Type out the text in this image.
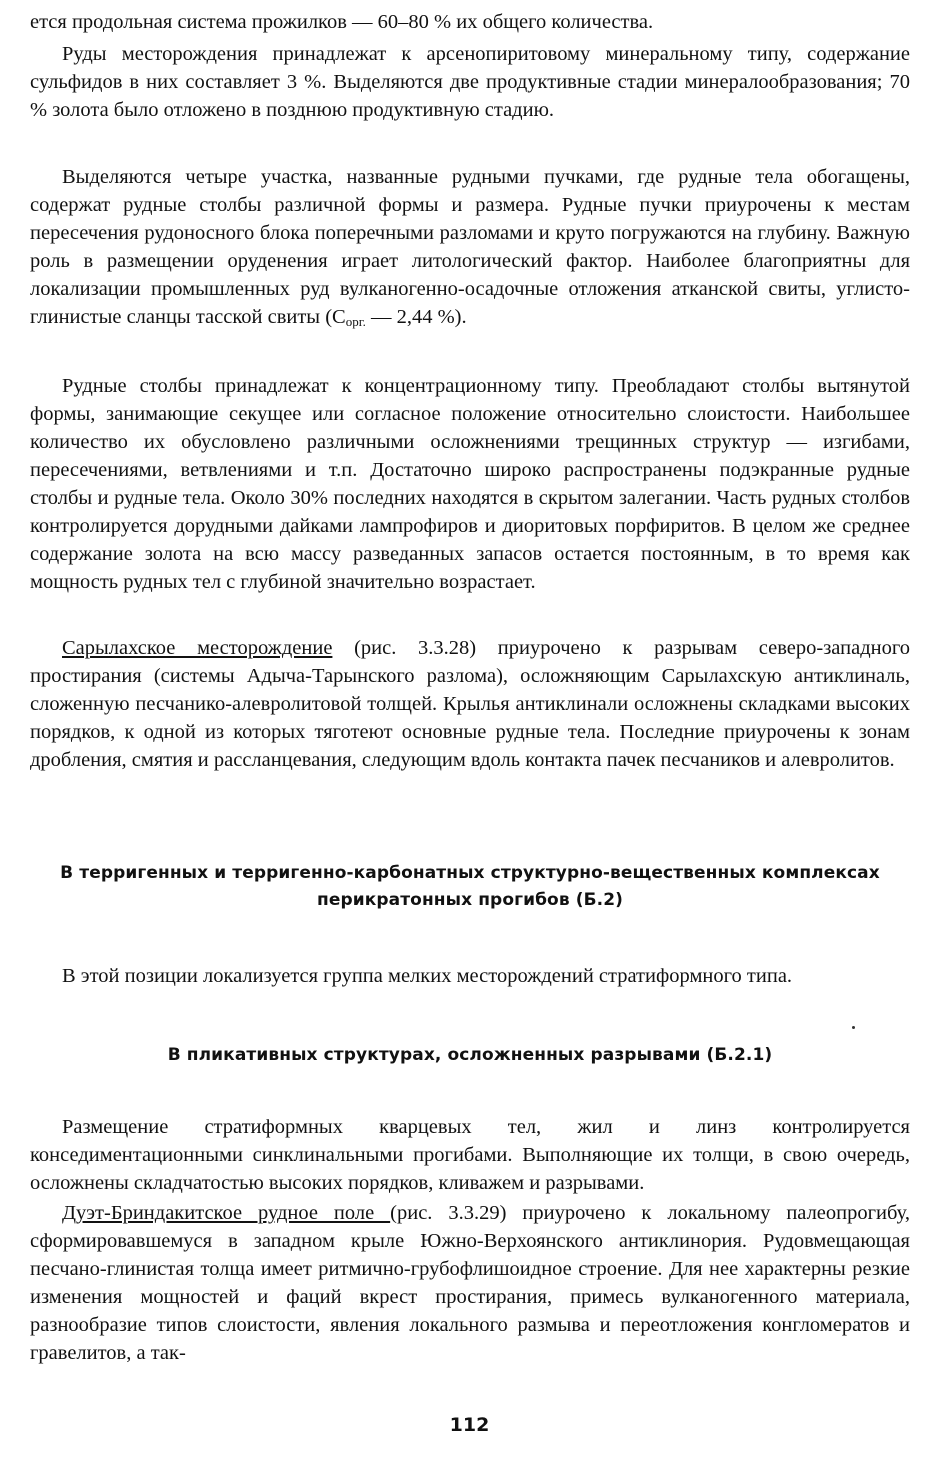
ется продольная система прожилков — 60–80 % их общего количества.

Руды месторождения принадлежат к арсенопиритовому минеральному типу, содержание сульфидов в них составляет 3 %. Выделяются две продуктивные стадии минералообразования; 70 % золота было отложено в позднюю продуктивную стадию.

Выделяются четыре участка, названные рудными пучками, где рудные тела обогащены, содержат рудные столбы различной формы и размера. Рудные пучки приурочены к местам пересечения рудоносного блока поперечными разломами и круто погружаются на глубину. Важную роль в размещении оруденения играет литологический фактор. Наиболее благоприятны для локализации промышленных руд вулканогенно-осадочные отложения атканской свиты, углисто-глинистые сланцы тасской свиты ($С_{орг.}$ — 2,44 %).

Рудные столбы принадлежат к концентрационному типу. Преобладают столбы вытянутой формы, занимающие секущее или согласное положение относительно слоистости. Наибольшее количество их обусловлено различными осложнениями трещинных структур — изгибами, пересечениями, ветвлениями и т.п. Достаточно широко распространены подэкранные рудные столбы и рудные тела. Около 30% последних находятся в скрытом залегании. Часть рудных столбов контролируется дорудными дайками лампрофиров и диоритовых порфиритов. В целом же среднее содержание золота на всю массу разведанных запасов остается постоянным, в то время как мощность рудных тел с глубиной значительно возрастает.

Сарылахское месторождение (рис. 3.3.28) приурочено к разрывам северо-западного простирания (системы Адыча-Тарынского разлома), осложняющим Сарылахскую антиклиналь, сложенную песчанико-алевролитовой толщей. Крылья антиклинали осложнены складками высоких порядков, к одной из которых тяготеют основные рудные тела. Последние приурочены к зонам дробления, смятия и рассланцевания, следующим вдоль контакта пачек песчаников и алевролитов.

В терригенных и терригенно-карбонатных структурно-вещественных комплексах перикратонных прогибов (Б.2)

В этой позиции локализуется группа мелких месторождений стратиформного типа.

В пликативных структурах, осложненных разрывами (Б.2.1)

Размещение стратиформных кварцевых тел, жил и линз контролируется конседиментационными синклинальными прогибами. Выполняющие их толщи, в свою очередь, осложнены складчатостью высоких порядков, кливажем и разрывами.

Дуэт-Бриндакитское рудное поле (рис. 3.3.29) приурочено к локальному палеопрогибу, сформировавшемуся в западном крыле Южно-Верхоянского антиклинория. Рудовмещающая песчано-глинистая толща имеет ритмично-грубофлишоидное строение. Для нее характерны резкие изменения мощностей и фаций вкрест простирания, примесь вулканогенного материала, разнообразие типов слоистости, явления локального размыва и переотложения конгломератов и гравелитов, а так-

112
